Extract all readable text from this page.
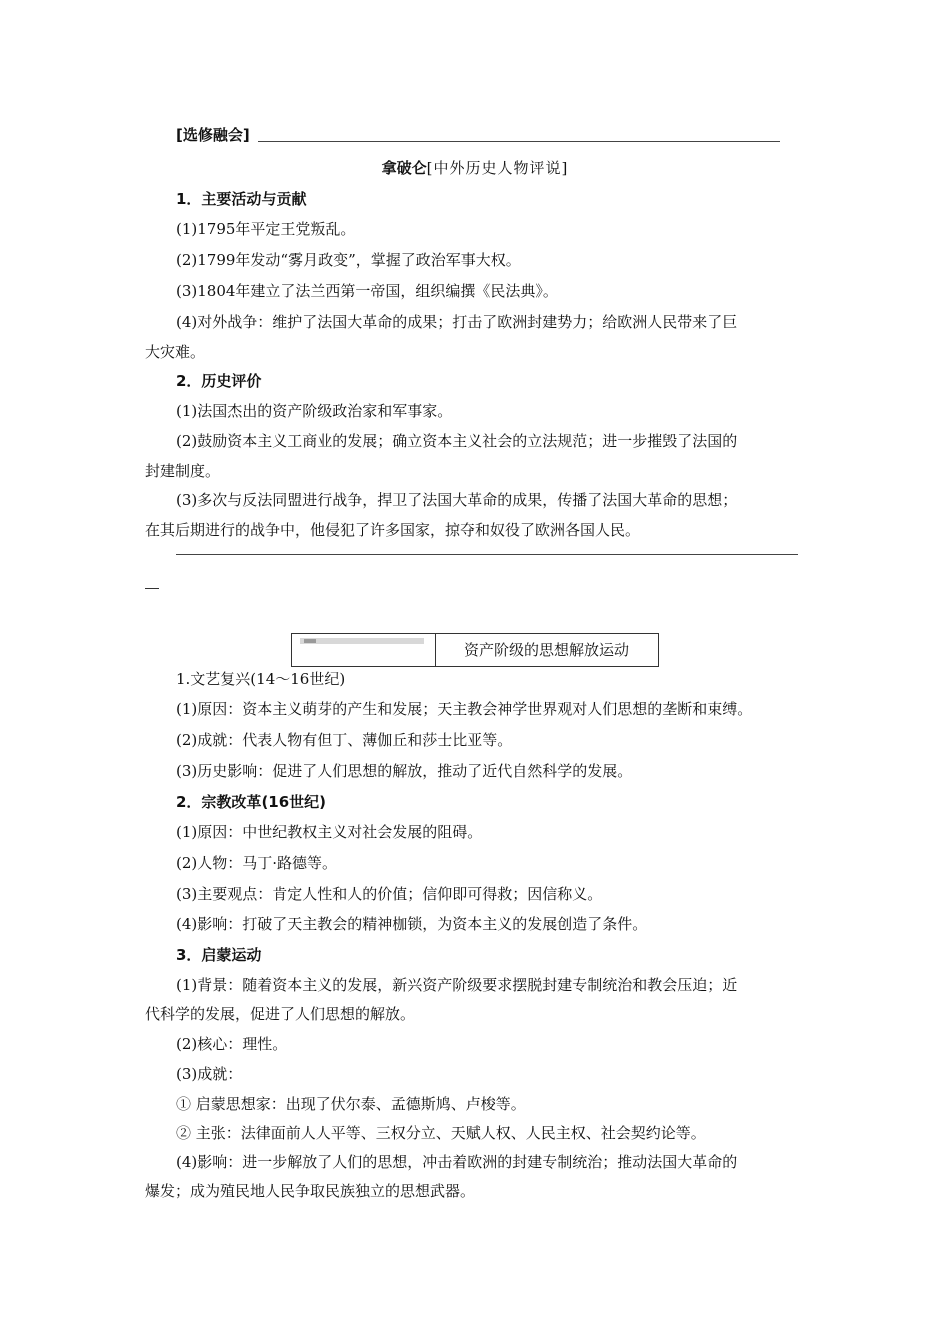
[选修融会]
拿破仑[中外历史人物评说]
1．主要活动与贡献
(1)1795年平定王党叛乱。
(2)1799年发动“雾月政变”，掌握了政治军事大权。
(3)1804年建立了法兰西第一帝国，组织编撰《民法典》。
(4)对外战争：维护了法国大革命的成果；打击了欧洲封建势力；给欧洲人民带来了巨
大灾难。
2．历史评价
(1)法国杰出的资产阶级政治家和军事家。
(2)鼓励资本主义工商业的发展；确立资本主义社会的立法规范；进一步摧毁了法国的
封建制度。
(3)多次与反法同盟进行战争，捍卫了法国大革命的成果，传播了法国大革命的思想；
在其后期进行的战争中，他侵犯了许多国家，掠夺和奴役了欧洲各国人民。
资产阶级的思想解放运动
1.文艺复兴(14～16世纪)
(1)原因：资本主义萌芽的产生和发展；天主教会神学世界观对人们思想的垄断和束缚。
(2)成就：代表人物有但丁、薄伽丘和莎士比亚等。
(3)历史影响：促进了人们思想的解放，推动了近代自然科学的发展。
2．宗教改革(16世纪)
(1)原因：中世纪教权主义对社会发展的阻碍。
(2)人物：马丁·路德等。
(3)主要观点：肯定人性和人的价值；信仰即可得救；因信称义。
(4)影响：打破了天主教会的精神枷锁，为资本主义的发展创造了条件。
3．启蒙运动
(1)背景：随着资本主义的发展，新兴资产阶级要求摆脱封建专制统治和教会压迫；近
代科学的发展，促进了人们思想的解放。
(2)核心：理性。
(3)成就：
① 启蒙思想家：出现了伏尔泰、孟德斯鸠、卢梭等。
② 主张：法律面前人人平等、三权分立、天赋人权、人民主权、社会契约论等。
(4)影响：进一步解放了人们的思想，冲击着欧洲的封建专制统治；推动法国大革命的
爆发；成为殖民地人民争取民族独立的思想武器。
